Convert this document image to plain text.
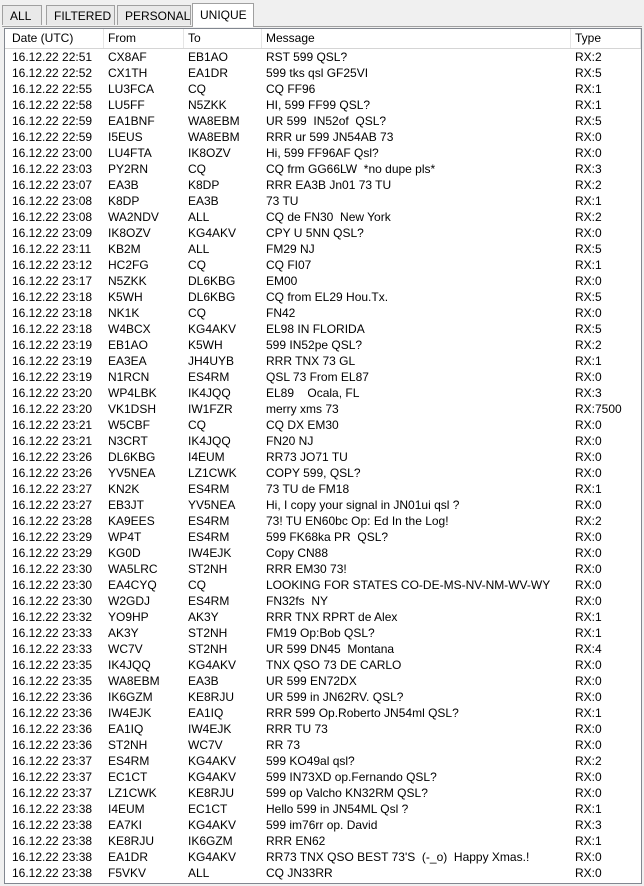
ALL	FILTERED	PERSONAL UNIQUE
Date (UTC)	From	To	Message	Type
16.12.22 22:51	CX8AF	EB1AO	RST 599 QSL?	RX:2
16.12.22 22:52	CX1TH	EA1DR	599 tks qsl GF25VI	RX:5
16.12.22 22:55	LU3FCA	CQ	CQ FF96	RX:1
16.12.22 22:58	LU5FF	N5ZKK	HI, 599 FF99 QSL?	RX:1
16.12.22 22:59	EA1BNF	WA8EBM	UR 599  IN52of  QSL?	RX:5
16.12.22 22:59	I5EUS	WA8EBM	RRR ur 599 JN54AB 73	RX:0
16.12.22 23:00	LU4FTA	IK8OZV	Hi, 599 FF96AF Qsl?	RX:0
16.12.22 23:03	PY2RN	CQ	CQ frm GG66LW  *no dupe pls*	RX:3
16.12.22 23:07	EA3B	K8DP	RRR EA3B Jn01 73 TU	RX:2
16.12.22 23:08	K8DP	EA3B	73 TU	RX:1
16.12.22 23:08	WA2NDV	ALL	CQ de FN30  New York	RX:2
16.12.22 23:09	IK8OZV	KG4AKV	CPY U 5NN QSL?	RX:0
16.12.22 23:11	KB2M	ALL	FM29 NJ	RX:5
16.12.22 23:12	HC2FG	CQ	CQ FI07	RX:1
16.12.22 23:17	N5ZKK	DL6KBG	EM00	RX:0
16.12.22 23:18	K5WH	DL6KBG	CQ from EL29 Hou.Tx.	RX:5
16.12.22 23:18	NK1K	CQ	FN42	RX:0
16.12.22 23:18	W4BCX	KG4AKV	EL98 IN FLORIDA	RX:5
16.12.22 23:19	EB1AO	K5WH	599 IN52pe QSL?	RX:2
16.12.22 23:19	EA3EA	JH4UYB	RRR TNX 73 GL	RX:1
16.12.22 23:19	N1RCN	ES4RM	QSL 73 From EL87	RX:0
16.12.22 23:20	WP4LBK	IK4JQQ	EL89    Ocala, FL	RX:3
16.12.22 23:20	VK1DSH	IW1FZR	merry xms 73	RX:7500
16.12.22 23:21	W5CBF	CQ	CQ DX EM30	RX:0
16.12.22 23:21	N3CRT	IK4JQQ	FN20 NJ	RX:0
16.12.22 23:26	DL6KBG	I4EUM	RR73 JO71 TU	RX:0
16.12.22 23:26	YV5NEA	LZ1CWK	COPY 599, QSL?	RX:0
16.12.22 23:27	KN2K	ES4RM	73 TU de FM18	RX:1
16.12.22 23:27	EB3JT	YV5NEA	Hi, I copy your signal in JN01ui qsl ?	RX:0
16.12.22 23:28	KA9EES	ES4RM	73! TU EN60bc Op: Ed In the Log!	RX:2
16.12.22 23:29	WP4T	ES4RM	599 FK68ka PR  QSL?	RX:0
16.12.22 23:29	KG0D	IW4EJK	Copy CN88	RX:0
16.12.22 23:30	WA5LRC	ST2NH	RRR EM30 73!	RX:0
16.12.22 23:30	EA4CYQ	CQ	LOOKING FOR STATES CO-DE-MS-NV-NM-WV-WY	RX:0
16.12.22 23:30	W2GDJ	ES4RM	FN32fs  NY	RX:0
16.12.22 23:32	YO9HP	AK3Y	RRR TNX RPRT de Alex	RX:1
16.12.22 23:33	AK3Y	ST2NH	FM19 Op:Bob QSL?	RX:1
16.12.22 23:33	WC7V	ST2NH	UR 599 DN45  Montana	RX:4
16.12.22 23:35	IK4JQQ	KG4AKV	TNX QSO 73 DE CARLO	RX:0
16.12.22 23:35	WA8EBM	EA3B	UR 599 EN72DX	RX:0
16.12.22 23:36	IK6GZM	KE8RJU	UR 599 in JN62RV. QSL?	RX:0
16.12.22 23:36	IW4EJK	EA1IQ	RRR 599 Op.Roberto JN54ml QSL?	RX:1
16.12.22 23:36	EA1IQ	IW4EJK	RRR TU 73	RX:0
16.12.22 23:36	ST2NH	WC7V	RR 73	RX:0
16.12.22 23:37	ES4RM	KG4AKV	599 KO49al qsl?	RX:2
16.12.22 23:37	EC1CT	KG4AKV	599 IN73XD op.Fernando QSL?	RX:0
16.12.22 23:37	LZ1CWK	KE8RJU	599 op Valcho KN32RM QSL?	RX:0
16.12.22 23:38	I4EUM	EC1CT	Hello 599 in JN54ML Qsl ?	RX:1
16.12.22 23:38	EA7KI	KG4AKV	599 im76rr op. David	RX:3
16.12.22 23:38	KE8RJU	IK6GZM	RRR EN62	RX:1
16.12.22 23:38	EA1DR	KG4AKV	RR73 TNX QSO BEST 73'S  (-_o)  Happy Xmas.!	RX:0
16.12.22 23:38	F5VKV	ALL	CQ JN33RR	RX:0
